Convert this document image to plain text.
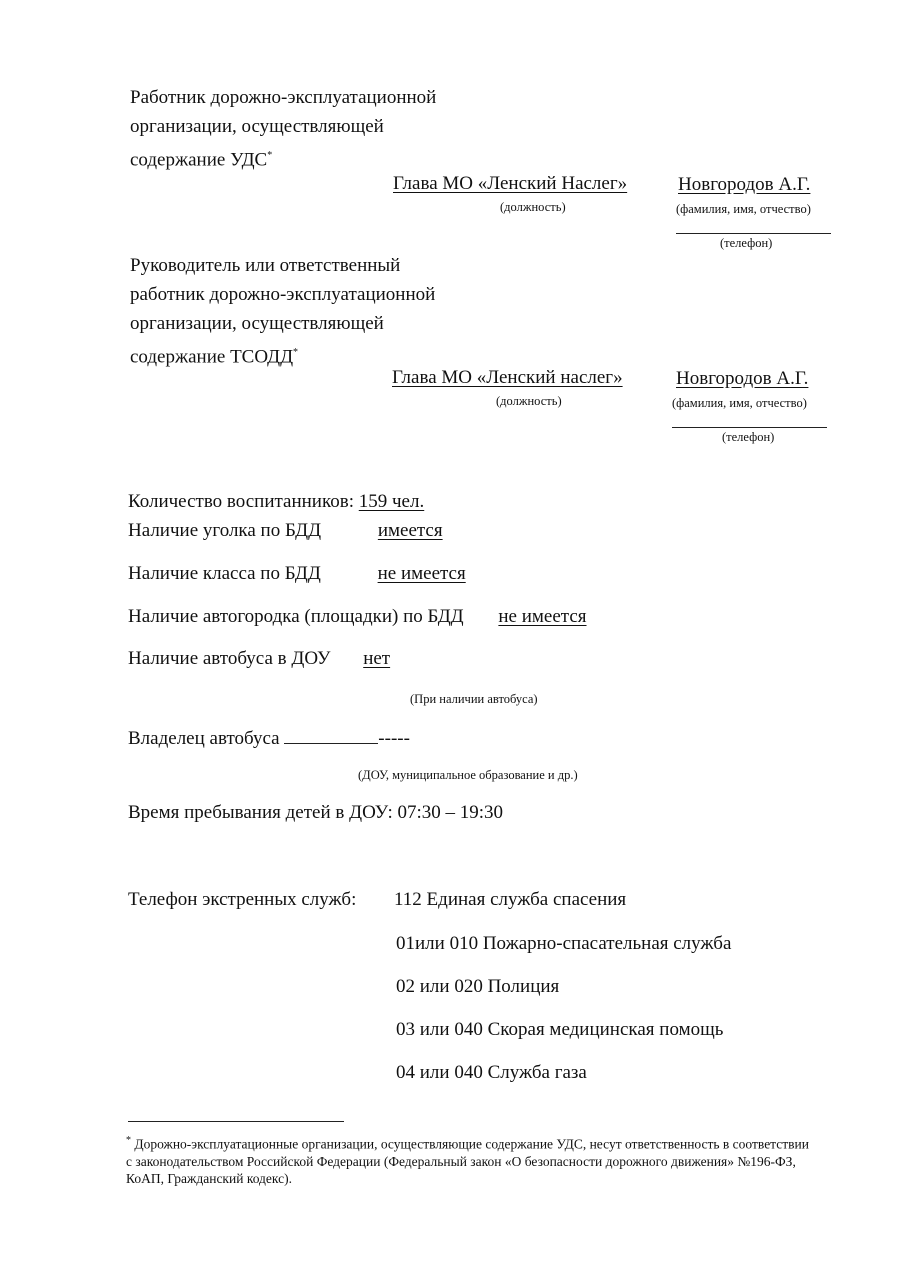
Работник дорожно-эксплуатационной
организации, осуществляющей
содержание УДС*
Глава МО «Ленский Наслег»	Новгородов А.Г.
(должность)	(фамилия, имя, отчество)
(телефон)
Руководитель или ответственный
работник дорожно-эксплуатационной
организации, осуществляющей
содержание ТСОДД*
Глава МО «Ленский наслег»	Новгородов А.Г.
(должность)	(фамилия, имя, отчество)
(телефон)
Количество воспитанников: 159 чел.
Наличие уголка по БДД	имеется
Наличие класса по БДД	не имеется
Наличие автогородка (площадки) по БДД не имеется
Наличие автобуса в ДОУ нет
(При наличии автобуса)
Владелец автобуса	-----
(ДОУ, муниципальное образование и др.)
Время пребывания детей в ДОУ: 07:30 – 19:30
Телефон экстренных служб: 112 Единая служба спасения
01или 010 Пожарно-спасательная служба
02 или 020 Полиция
03 или 040 Скорая медицинская помощь
04 или 040 Служба газа
* Дорожно-эксплуатационные организации, осуществляющие содержание УДС, несут ответственность в соответствии с законодательством Российской Федерации (Федеральный закон «О безопасности дорожного движения» №196-ФЗ, КоАП, Гражданский кодекс).
